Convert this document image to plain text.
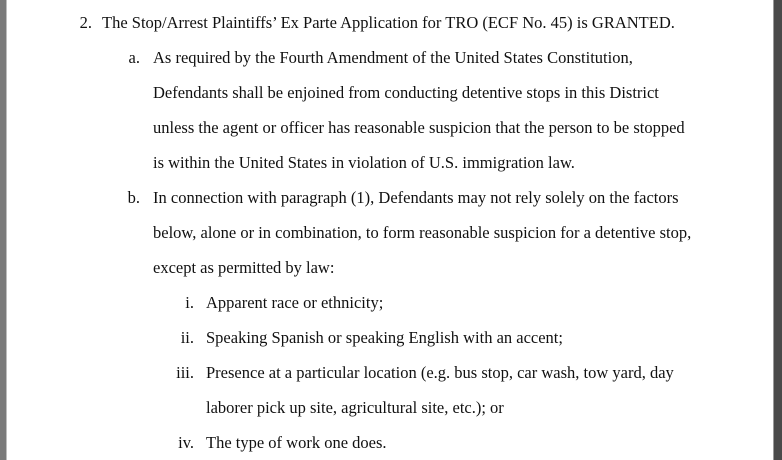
2. The Stop/Arrest Plaintiffs’ Ex Parte Application for TRO (ECF No. 45) is GRANTED.
a. As required by the Fourth Amendment of the United States Constitution,
Defendants shall be enjoined from conducting detentive stops in this District
unless the agent or officer has reasonable suspicion that the person to be stopped
is within the United States in violation of U.S. immigration law.
b. In connection with paragraph (1), Defendants may not rely solely on the factors
below, alone or in combination, to form reasonable suspicion for a detentive stop,
except as permitted by law:
i. Apparent race or ethnicity;
ii. Speaking Spanish or speaking English with an accent;
iii. Presence at a particular location (e.g. bus stop, car wash, tow yard, day
laborer pick up site, agricultural site, etc.); or
iv. The type of work one does.
